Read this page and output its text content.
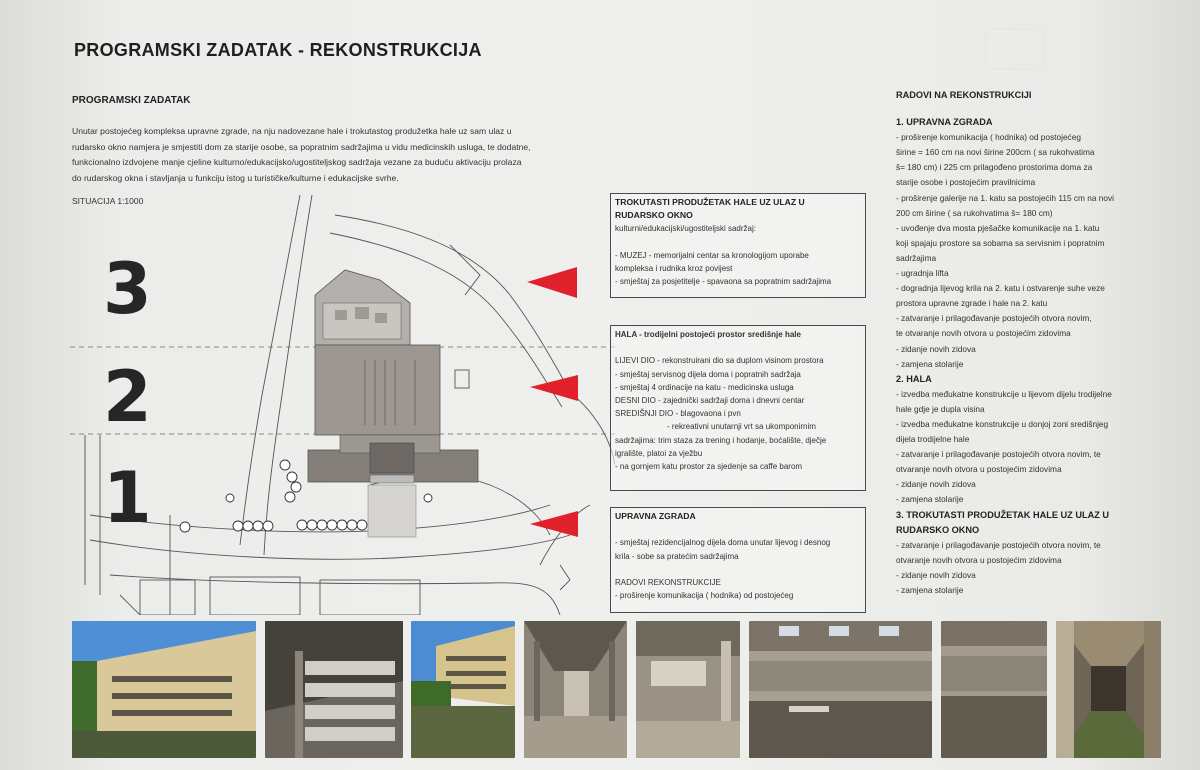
PROGRAMSKI ZADATAK - REKONSTRUKCIJA
PROGRAMSKI ZADATAK
Unutar postojećeg kompleksa upravne zgrade, na nju nadovezane hale i trokutastog produžetka hale uz sam ulaz u
rudarsko okno namjera je smjestiti dom za starije osobe, sa popratnim sadržajima u vidu medicinskih usluga, te dodatne,
funkcionalno izdvojene manje cjeline kulturno/edukacijsko/ugostiteljskog sadržaja vezane za buduću aktivaciju prolaza
do rudarskog okna i stavljanja u funkciju istog u turističke/kulturne i edukacijske svrhe.
SITUACIJA 1:1000
3
2
1
TROKUTASTI PRODUŽETAK HALE UZ ULAZ U
RUDARSKO OKNO
kulturni/edukacijski/ugostiteljski sadržaj:

- MUZEJ - memorijalni centar sa kronologijom uporabe
kompleksa i rudnika kroz povijest
- smještaj za posjetitelje - spavaona sa popratnim sadržajima
HALA - trodijelni postojeći prostor središnje hale

LIJEVI DIO - rekonstruirani dio sa duplom visinom prostora
- smještaj servisnog dijela doma i popratnih sadržaja
- smještaj 4 ordinacije na katu - medicinska usluga
DESNI DIO - zajednički sadržaji doma i dnevni centar
SREDIŠNJI DIO - blagovaona i pvn
- rekreativni unutarnji vrt sa ukomponirnim
sadržajima: trim staza za trening i hodanje, boćalište, dječje
igralište, platoi za vježbu
- na gornjem katu prostor za sjedenje sa caffe barom
UPRAVNA ZGRADA

- smještaj rezidencijalnog dijela doma unutar lijevog i desnog
krila - sobe sa pratećim sadržajima

RADOVI REKONSTRUKCIJE
- proširenje komunikacija ( hodnika) od postojećeg
RADOVI NA REKONSTRUKCIJI
1. UPRAVNA ZGRADA
- proširenje komunikacija ( hodnika) od postojećeg
širine = 160 cm na novi širine 200cm ( sa rukohvatima
š= 180 cm) i 225 cm prilagođeno prostorima doma za
starije osobe i postojećim pravilnicima
- proširenje galerije na 1. katu sa postojećih 115 cm na novi
200 cm širine ( sa rukohvatima š= 180 cm)
- uvođenje dva mosta pješačke komunikacije na 1. katu
koji spajaju prostore sa sobama sa servisnim i popratnim
sadržajima
- ugradnja lifta
- dogradnja lijevog krila na 2. katu i ostvarenje suhe veze
prostora upravne zgrade i hale na 2. katu
- zatvaranje i prilagođavanje postojećih otvora novim,
te otvaranje novih otvora u postojećim zidovima
- zidanje novih zidova
- zamjena stolarije
2. HALA
- izvedba međukatne konstrukcije u lijevom dijelu trodijelne
hale gdje je dupla visina
- izvedba međukatne konstrukcije u donjoj zoni središnjeg
dijela trodijelne hale
- zatvaranje i prilagođavanje postojećih otvora novim, te
otvaranje novih otvora u postojećim zidovima
- zidanje novih zidova
- zamjena stolarije
3. TROKUTASTI PRODUŽETAK HALE UZ ULAZ U
RUDARSKO OKNO
- zatvaranje i prilagođavanje postojećih otvora novim, te
otvaranje novih otvora u postojećim zidovima
- zidanje novih zidova
- zamjena stolarije
